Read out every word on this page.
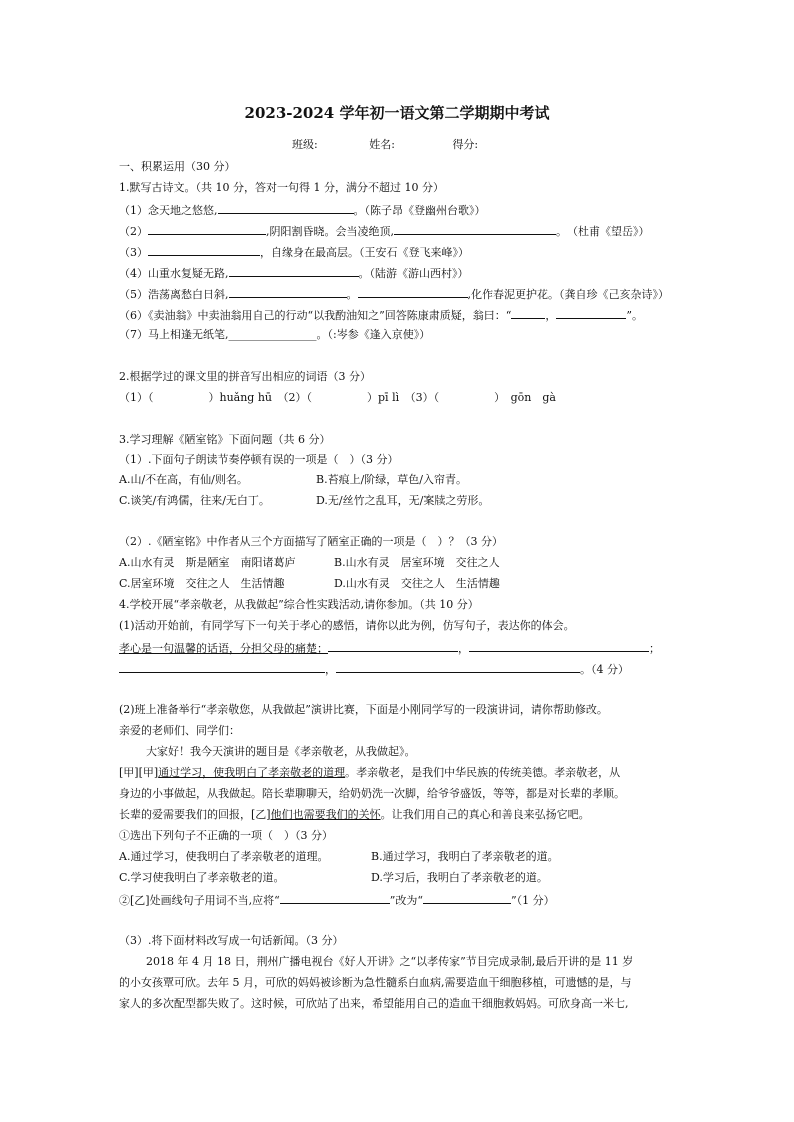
2023-2024 学年初一语文第二学期期中考试
班级:	姓名:	得分:
一、积累运用（30 分）
1.默写古诗文。（共 10 分，答对一句得 1 分，满分不超过 10 分）
（1）念天地之悠悠,	。（陈子昂《登幽州台歌》）
（2）	,阴阳割昏晓。会当凌绝顶,	。　（杜甫《望岳》）
（3）	，自缘身在最高层。（王安石《登飞来峰》）
（4）山重水复疑无路,	。（陆游《游山西村》）
（5）浩荡离愁白日斜,	。	,化作春泥更护花。（龚自珍《己亥杂诗》）
（6）《卖油翁》中卖油翁用自己的行动“以我酌油知之”回答陈康肃质疑，翁曰：“	，	”。
（7）马上相逢无纸笔,________________。（:岑参《逢入京使》）
2.根据学过的课文里的拼音写出相应的词语（3 分）
（1）（　　　　　）huǎng hū　（2）（　　　　　）pī lì　（3）（　　　　　）　gōn　gà
3.学习理解《陋室铭》下面问题（共 6 分）
（1）.下面句子朗读节奏停顿有误的一项是（　）（3 分）
A.山/不在高，有仙/则名。	B.苔痕上/阶绿，草色/入帘青。
C.谈笑/有鸿儒，往来/无白丁。	D.无/丝竹之乱耳，无/案牍之劳形。
（2）.《陋室铭》中作者从三个方面描写了陋室正确的一项是（　）？（3 分）
A.山水有灵　斯是陋室　南阳诸葛庐	B.山水有灵　居室环境　交往之人
C.居室环境　交往之人　生活情趣	D.山水有灵　交往之人　生活情趣
4.学校开展“孝亲敬老，从我做起”综合性实践活动,请你参加。（共 10 分）
(1)活动开始前，有同学写下一句关于孝心的感悟，请你以此为例，仿写句子，表达你的体会。
孝心是一句温馨的话语，分担父母的痛楚；	，	；
，	。（4 分）
(2)班上准备举行“孝亲敬您，从我做起”演讲比赛，下面是小刚同学写的一段演讲词，请你帮助修改。
亲爱的老师们、同学们：
大家好！我今天演讲的题目是《孝亲敬老，从我做起》。
[甲][甲]通过学习，使我明白了孝亲敬老的道理。孝亲敬老，是我们中华民族的传统美德。孝亲敬老，从
身边的小事做起，从我做起。陪长辈聊聊天，给奶奶洗一次脚，给爷爷盛饭，等等，都是对长辈的孝顺。
长辈的爱需要我们的回报，[乙]他们也需要我们的关怀。让我们用自己的真心和善良来弘扬它吧。
①选出下列句子不正确的一项（　）（3 分）
A.通过学习，使我明白了孝亲敬老的道理。	B.通过学习，我明白了孝亲敬老的道。
C.学习使我明白了孝亲敬老的道。	D.学习后，我明白了孝亲敬老的道。
②[乙]处画线句子用词不当,应将“	”改为“	”（1 分）
（3）.将下面材料改写成一句话新闻。（3 分）
2018 年 4 月 18 日，荆州广播电视台《好人开讲》之“以孝传家”节目完成录制,最后开讲的是 11 岁
的小女孩覃可欣。去年 5 月，可欣的妈妈被诊断为急性髓系白血病,需要造血干细胞移植，可遗憾的是，与
家人的多次配型都失败了。这时候，可欣站了出来，希望能用自己的造血干细胞救妈妈。可欣身高一米七,
